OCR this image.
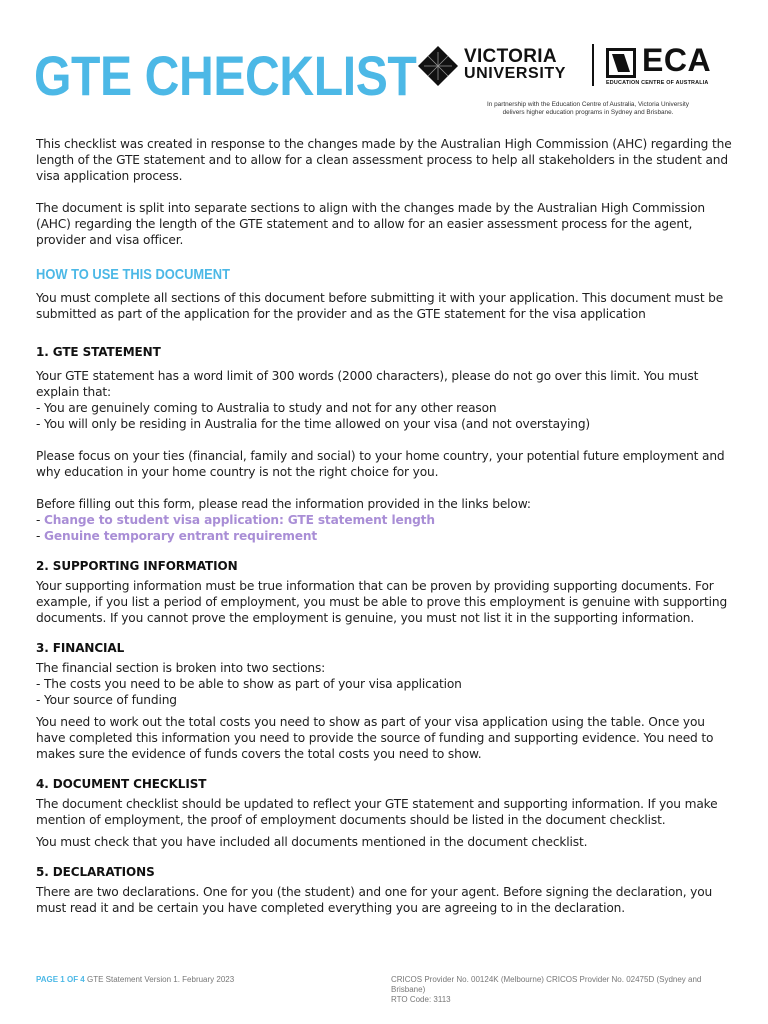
GTE CHECKLIST	VICTORIA
UNIVERSITY ECA
EDUCATION CENTRE OF AUSTRALIA
In partnership with the Education Centre of Australia, Victoria University
delivers higher education programs in Sydney and Brisbane.

This checklist was created in response to the changes made by the Australian High Commission (AHC) regarding the length of the GTE statement and to allow for a clean assessment process to help all stakeholders in the student and visa application process.

The document is split into separate sections to align with the changes made by the Australian High Commission (AHC) regarding the length of the GTE statement and to allow for an easier assessment process for the agent, provider and visa officer.

HOW TO USE THIS DOCUMENT

You must complete all sections of this document before submitting it with your application. This document must be submitted as part of the application for the provider and as the GTE statement for the visa application

1. GTE STATEMENT

Your GTE statement has a word limit of 300 words (2000 characters), please do not go over this limit. You must explain that:

- You are genuinely coming to Australia to study and not for any other reason
- You will only be residing in Australia for the time allowed on your visa (and not overstaying)

Please focus on your ties (financial, family and social) to your home country, your potential future employment and why education in your home country is not the right choice for you.

Before filling out this form, please read the information provided in the links below:

- Change to student visa application: GTE statement length

- Genuine temporary entrant requirement

2. SUPPORTING INFORMATION

Your supporting information must be true information that can be proven by providing supporting documents. For example, if you list a period of employment, you must be able to prove this employment is genuine with supporting documents. If you cannot prove the employment is genuine, you must not list it in the supporting information.

3. FINANCIAL

The financial section is broken into two sections:

- The costs you need to be able to show as part of your visa application
- Your source of funding

You need to work out the total costs you need to show as part of your visa application using the table. Once you have completed this information you need to provide the source of funding and supporting evidence. You need to makes sure the evidence of funds covers the total costs you need to show.

4. DOCUMENT CHECKLIST

The document checklist should be updated to reflect your GTE statement and supporting information. If you make mention of employment, the proof of employment documents should be listed in the document checklist.

You must check that you have included all documents mentioned in the document checklist.

5. DECLARATIONS

There are two declarations. One for you (the student) and one for your agent. Before signing the declaration, you must read it and be certain you have completed everything you are agreeing to in the declaration.

PAGE 1 OF 4 GTE Statement Version 1. February 2023	CRICOS Provider No. 00124K (Melbourne) CRICOS Provider No. 02475D (Sydney and Brisbane)
RTO Code: 3113
